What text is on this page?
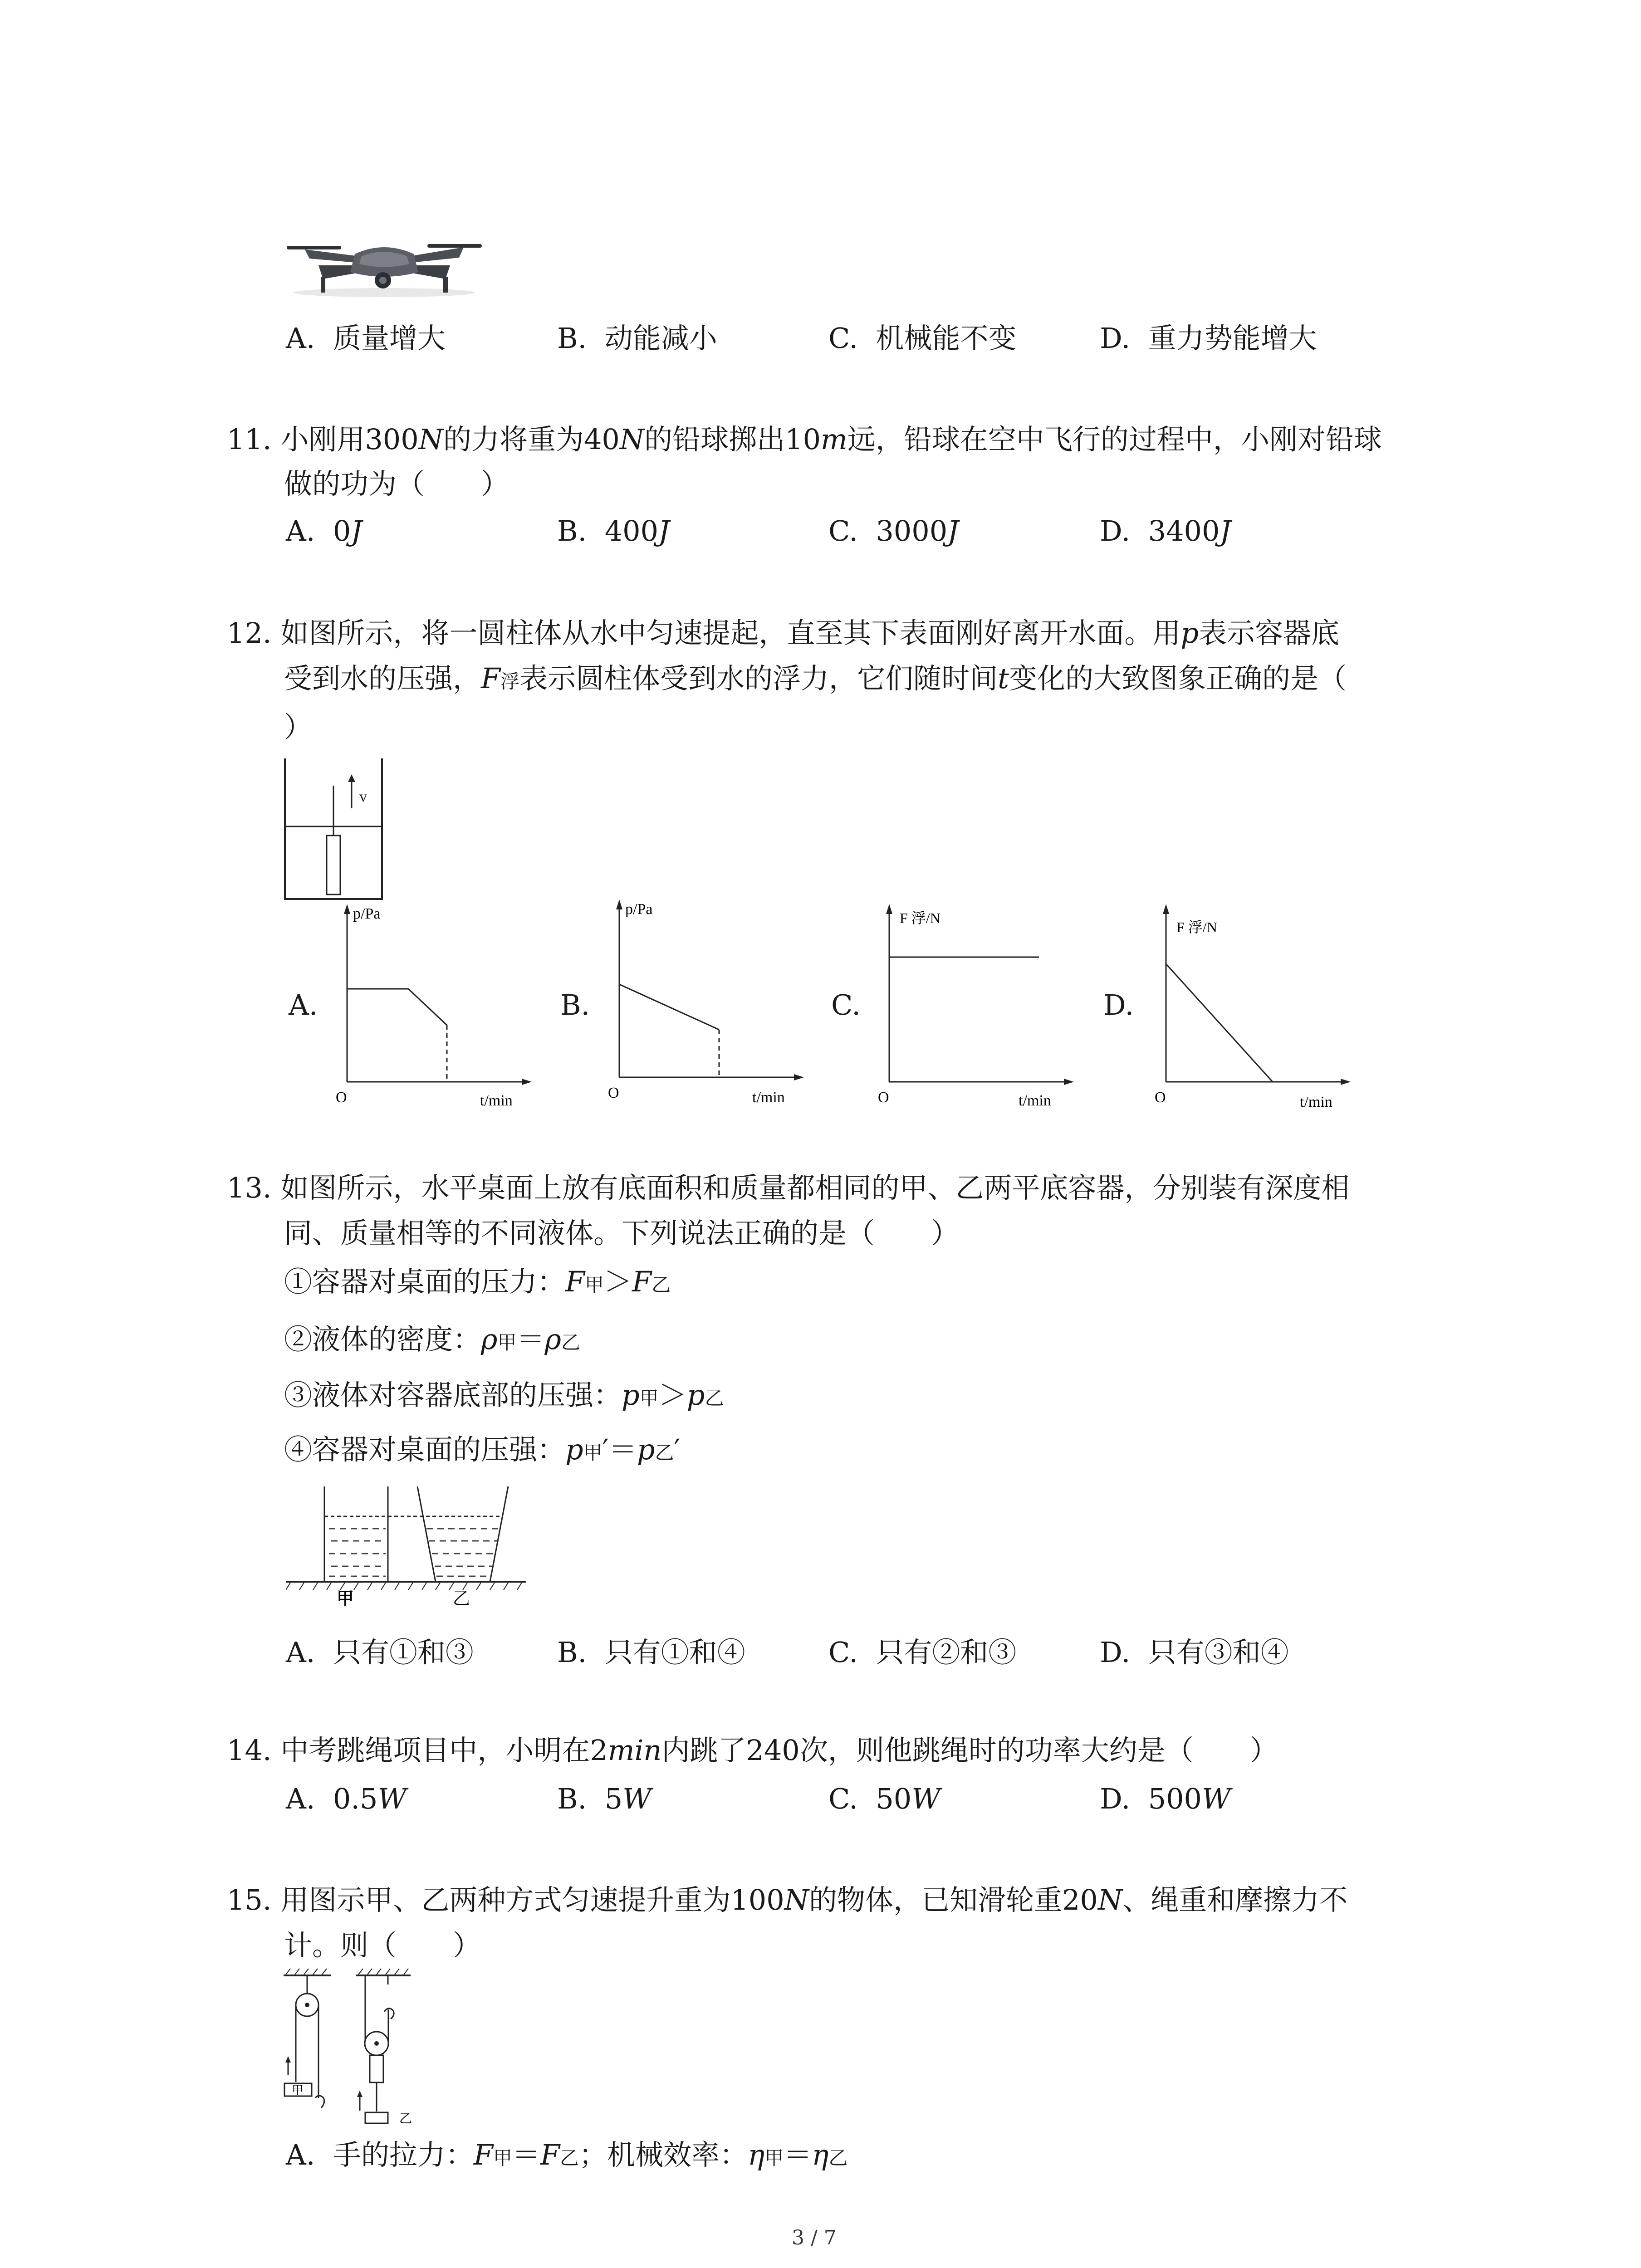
A. 质量增大	B. 动能减小	C. 机械能不变	D. 重力势能增大
11. 小刚用300N的力将重为40N的铅球掷出10m远，铅球在空中飞行的过程中，小刚对铅球
做的功为（　　）
A. 0J	B. 400J	C. 3000J	D. 3400J
12. 如图所示，将一圆柱体从水中匀速提起，直至其下表面刚好离开水面。用p表示容器底
受到水的压强，F浮表示圆柱体受到水的浮力，它们随时间t变化的大致图象正确的是（
）
v
A.
p/Pa
O	t/min
B.
p/Pa
O	t/min
C.
F 浮/N
O	t/min
D.
F 浮/N
O	t/min
13. 如图所示，水平桌面上放有底面积和质量都相同的甲、乙两平底容器，分别装有深度相
同、质量相等的不同液体。下列说法正确的是（　　）
①容器对桌面的压力：F甲＞F乙
②液体的密度：ρ甲＝ρ乙
③液体对容器底部的压强：p甲＞p乙
④容器对桌面的压强：p甲′＝p乙′
甲	乙
A. 只有①和③	B. 只有①和④	C. 只有②和③	D. 只有③和④
14. 中考跳绳项目中，小明在2min内跳了240次，则他跳绳时的功率大约是（　　）
A. 0.5W	B. 5W	C. 50W	D. 500W
15. 用图示甲、乙两种方式匀速提升重为100N的物体，已知滑轮重20N、绳重和摩擦力不
计。则（　　）
甲
乙
A. 手的拉力：F甲＝F乙；机械效率：η甲＝η乙
3 / 7
